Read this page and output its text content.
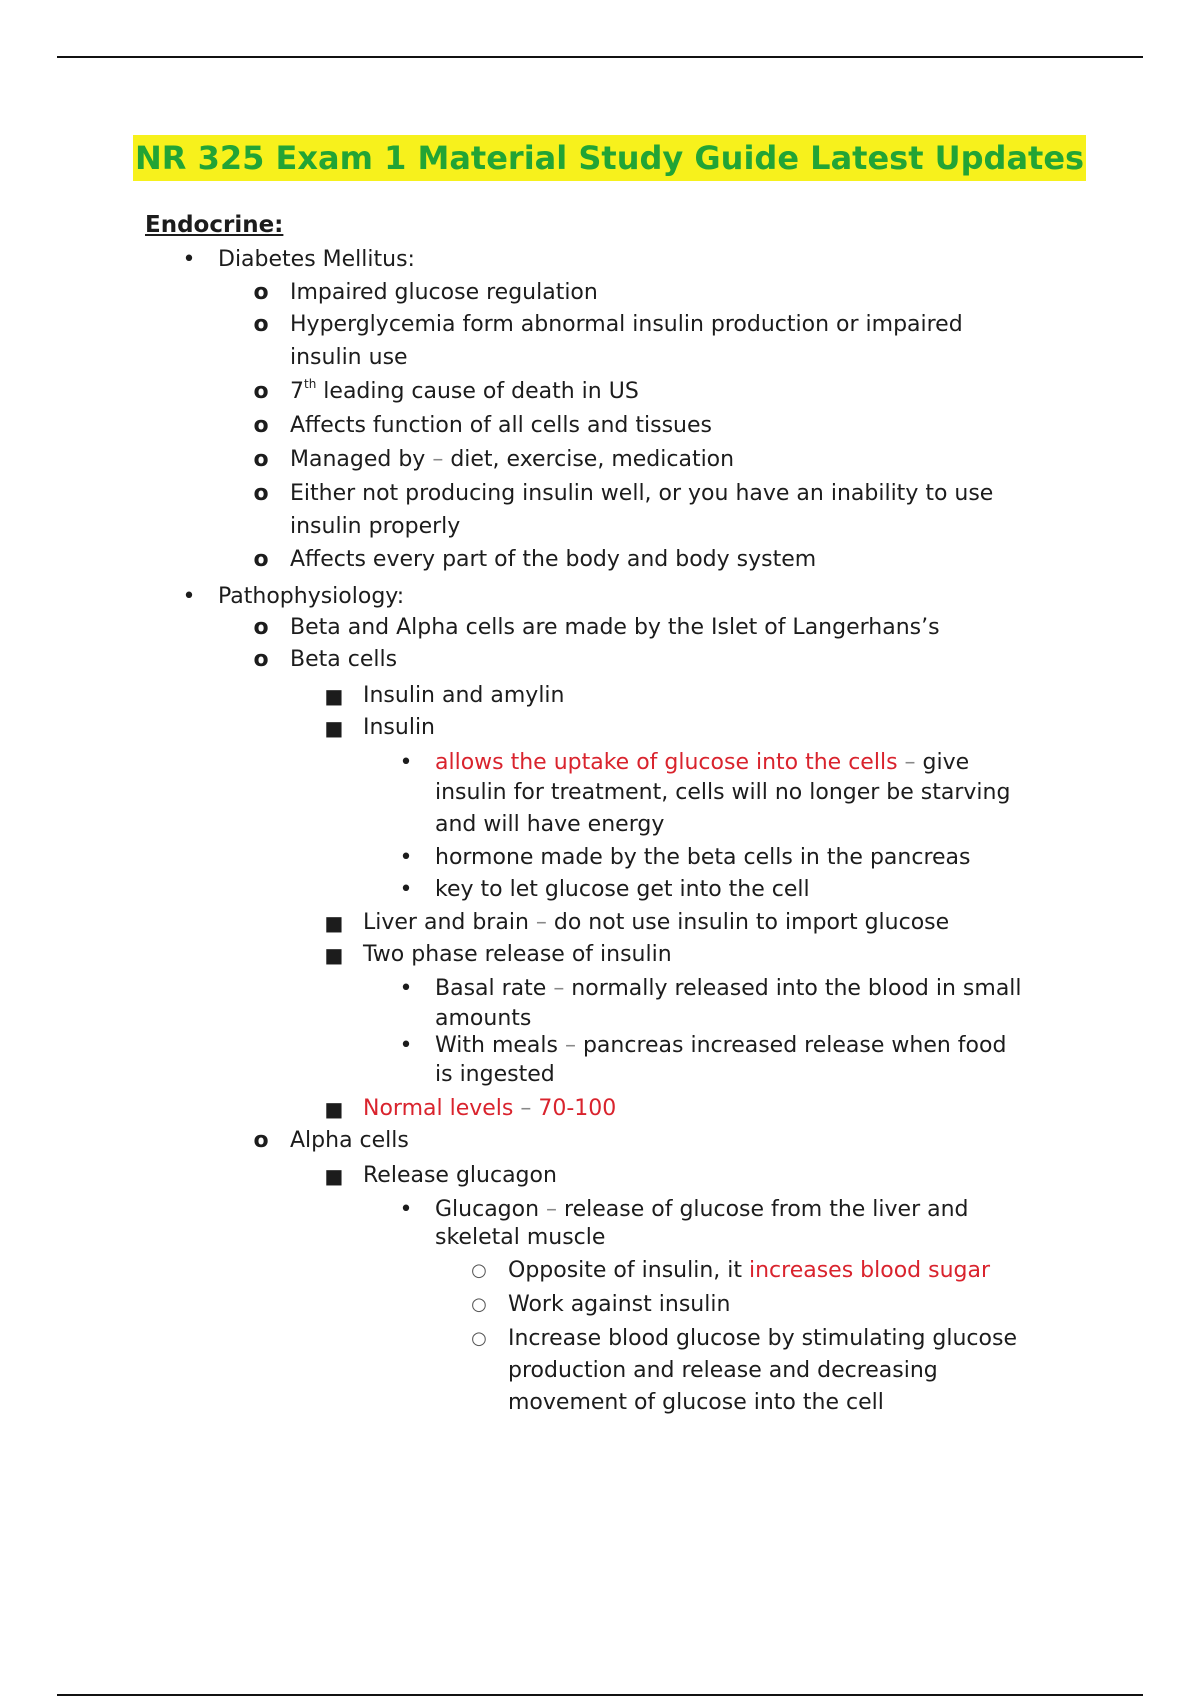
NR 325 Exam 1 Material Study Guide Latest Updates
Endocrine:
• Diabetes Mellitus:
o Impaired glucose regulation
o Hyperglycemia form abnormal insulin production or impaired
insulin use
o 7th leading cause of death in US
o Affects function of all cells and tissues
o Managed by – diet, exercise, medication
o Either not producing insulin well, or you have an inability to use
insulin properly
o Affects every part of the body and body system
• Pathophysiology:
o Beta and Alpha cells are made by the Islet of Langerhans’s
o Beta cells
■ Insulin and amylin
■ Insulin
• allows the uptake of glucose into the cells – give
insulin for treatment, cells will no longer be starving
and will have energy
• hormone made by the beta cells in the pancreas
• key to let glucose get into the cell
■ Liver and brain – do not use insulin to import glucose
■ Two phase release of insulin
• Basal rate – normally released into the blood in small
amounts
• With meals – pancreas increased release when food
is ingested
■ Normal levels – 70-100
o Alpha cells
■ Release glucagon
• Glucagon – release of glucose from the liver and
skeletal muscle
○ Opposite of insulin, it increases blood sugar
○ Work against insulin
○ Increase blood glucose by stimulating glucose
production and release and decreasing
movement of glucose into the cell
